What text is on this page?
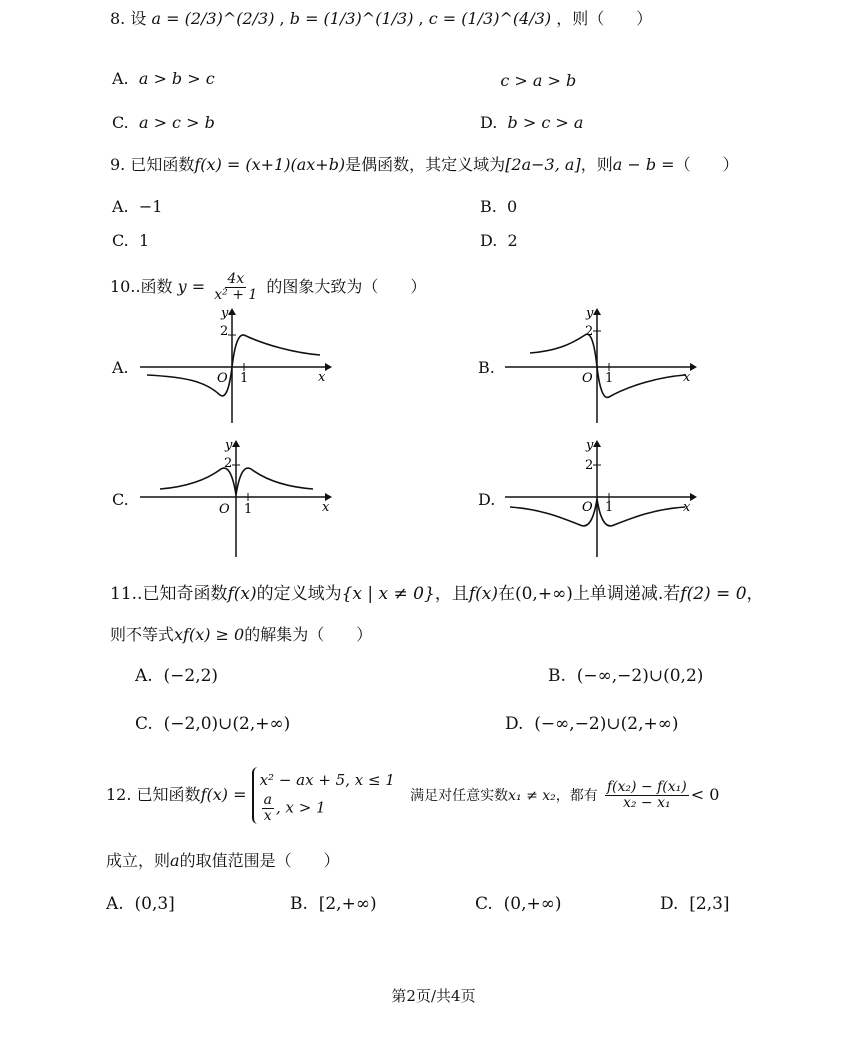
8. 设 a = (2/3)^(2/3) , b = (1/3)^(1/3) , c = (1/3)^(4/3) ，则（　　）
A. a > b > c	c > a > b
C. a > c > b	D. b > c > a
9. 已知函数f(x) = (x+1)(ax+b)是偶函数，其定义域为[2a−3, a]，则a − b =（　　）
A. −1	B. 0
C. 1	D. 2
10..函数 $y = \frac{4x}{\text{x² + 1}}$ 的图象大致为（　　）
A.	B.
C.	D.
2
O 1	x
y
2
O 1	x
y
2
O 1	x
y
2
O 1	x
y
11..已知奇函数f(x)的定义域为{x | x ≠ 0}，且f(x)在(0,+∞)上单调递减.若f(2) = 0，
则不等式xf(x) ≥ 0的解集为（　　）
A. (−2,2)	B. (−∞,−2)∪(0,2)
C. (−2,0)∪(2,+∞)	D. (−∞,−2)∪(2,+∞)
12. 已知函数f(x) = x² − ax + 5, x ≤ 1

$\frac{a}{x}$ , x > 1   满足对任意实数x₁ ≠ x₂，都有 $\frac{\text{f(x₂) − f(x₁)}}{\text{x₂ − x₁}} < 0$
成立，则a的取值范围是（　　）
A. (0,3]	B. [2,+∞)	C. (0,+∞)	D. [2,3]
第2页/共4页
